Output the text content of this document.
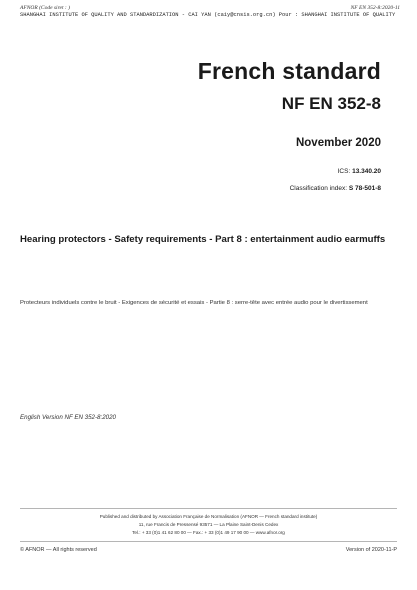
AFNOR (Code siret : )	NF EN 352-8:2020-11
SHANGHAI INSTITUTE OF QUALITY AND STANDARDIZATION - CAI YAN (caiy@cnsis.org.cn) Pour : SHANGHAI INSTITUTE OF QUALITY
French standard
NF EN 352-8
November 2020
ICS: 13.340.20
Classification index: S 78-501-8
Hearing protectors - Safety requirements - Part 8 : entertainment audio earmuffs
Protecteurs individuels contre le bruit - Exigences de sécurité et essais - Partie 8 : serre-tête avec entrée audio pour le divertissement
English Version NF EN 352-8:2020
Published and distributed by Association Française de Normalisation (AFNOR — French standard institute)
11, rue Francis de Pressensé 93571 — La Plaine Saint-Denis Cedex
Tel.: + 33 (0)1 41 62 80 00 — Fax.: + 33 (0)1 49 17 90 00 — www.afnor.org
© AFNOR — All rights reserved	Version of 2020-11-P
